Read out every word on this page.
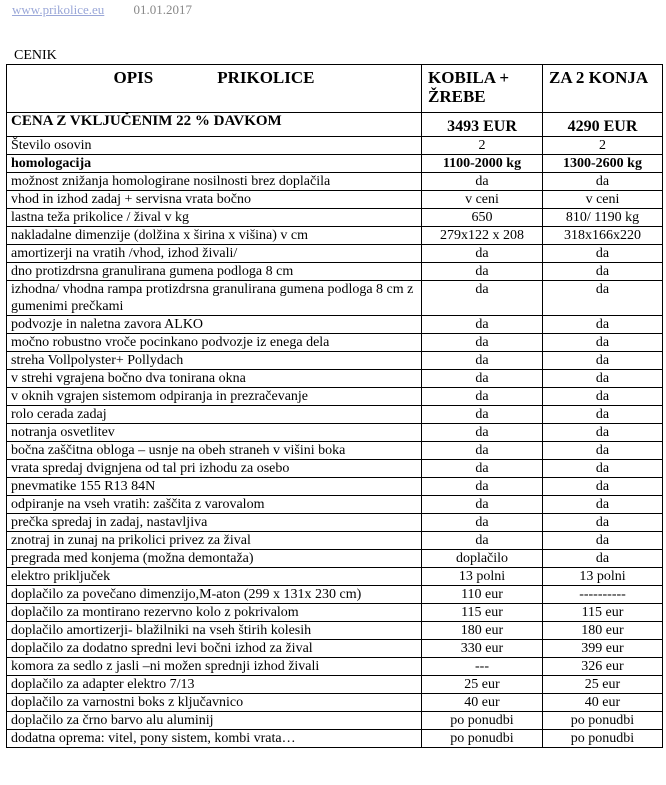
www.prikolice.eu 01.01.2017
CENIK
OPIS PRIKOLICE	KOBILA + ŽREBE	ZA 2 KONJA
CENA Z VKLJUČENIM 22 % DAVKOM	3493 EUR	4290 EUR
Število osovin	2	2
homologacija	1100-2000 kg	1300-2600 kg
možnost znižanja homologirane nosilnosti brez doplačila	da	da
vhod in izhod zadaj + servisna vrata bočno	v ceni	v ceni
lastna teža prikolice / žival v kg	650	810/ 1190 kg
nakladalne dimenzije (dolžina x širina x višina) v cm	279x122 x 208	318x166x220
amortizerji na vratih /vhod, izhod živali/	da	da
dno protizdrsna granulirana gumena podloga 8 cm	da	da
izhodna/ vhodna rampa protizdrsna granulirana gumena podloga 8 cm z gumenimi prečkami	da	da
podvozje in naletna zavora ALKO	da	da
močno robustno vroče pocinkano podvozje iz enega dela	da	da
streha Vollpolyster+ Pollydach	da	da
v strehi vgrajena bočno dva tonirana okna	da	da
v oknih vgrajen sistemom odpiranja in prezračevanje	da	da
rolo cerada zadaj	da	da
notranja osvetlitev	da	da
bočna zaščitna obloga – usnje na obeh straneh v višini boka	da	da
vrata spredaj dvignjena od tal pri izhodu za osebo	da	da
pnevmatike 155 R13 84N	da	da
odpiranje na vseh vratih: zaščita z varovalom	da	da
prečka spredaj in zadaj, nastavljiva	da	da
znotraj in zunaj na prikolici privez za žival	da	da
pregrada med konjema (možna demontaža)	doplačilo	da
elektro priključek	13 polni	13 polni
doplačilo za povečano dimenzijo,M-aton (299 x 131x 230 cm)	110 eur	----------
doplačilo za montirano rezervno kolo z pokrivalom	115 eur	115 eur
doplačilo amortizerji- blažilniki na vseh štirih kolesih	180 eur	180 eur
doplačilo za dodatno spredni levi bočni izhod za žival	330 eur	399 eur
komora za sedlo z jasli –ni možen sprednji izhod živali	---	326 eur
doplačilo za adapter elektro 7/13	25 eur	25 eur
doplačilo za varnostni boks z ključavnico	40 eur	40 eur
doplačilo za črno barvo alu aluminij	po ponudbi	po ponudbi
dodatna oprema: vitel, pony sistem, kombi vrata…	po ponudbi	po ponudbi
